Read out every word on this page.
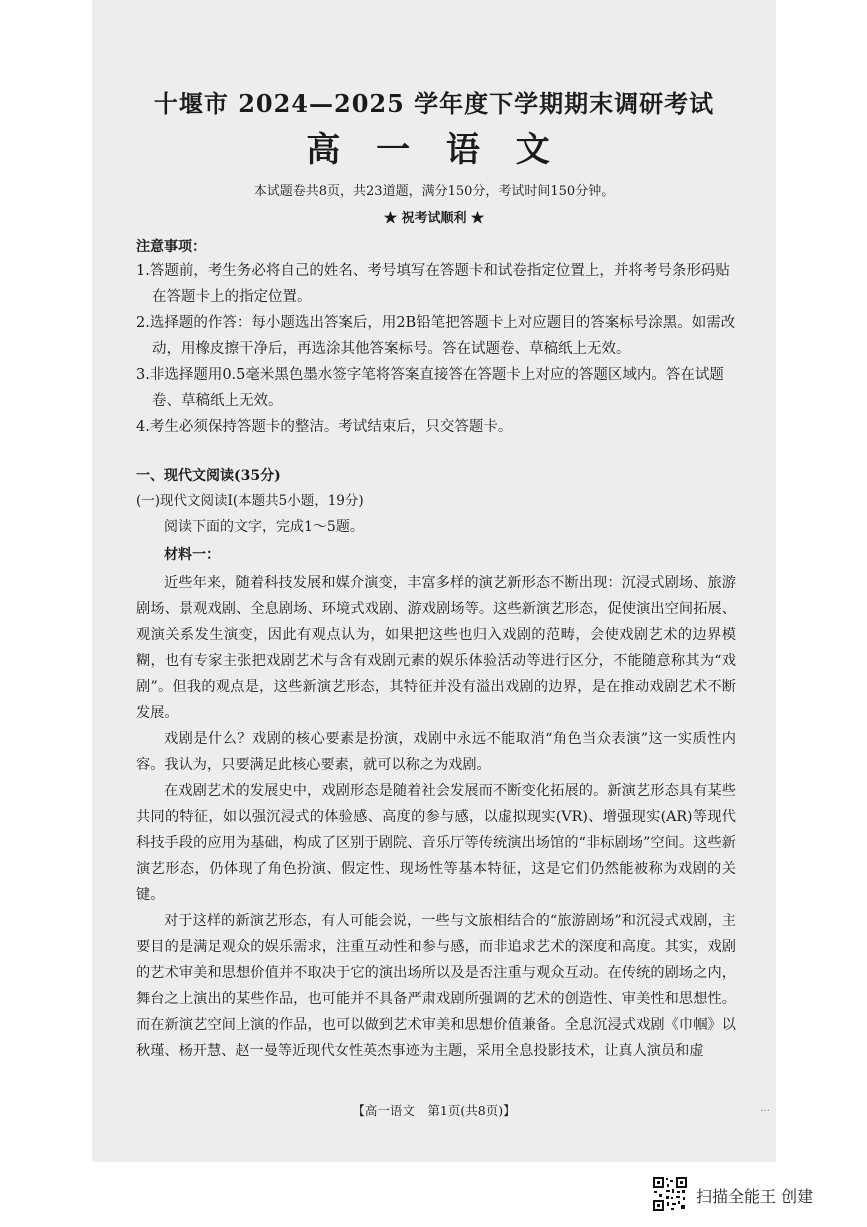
十堰市 2024—2025 学年度下学期期末调研考试
高 一 语 文
本试题卷共8页，共23道题，满分150分，考试时间150分钟。
★ 祝考试顺利 ★
注意事项：

1.答题前，考生务必将自己的姓名、考号填写在答题卡和试卷指定位置上，并将考号条形码贴在答题卡上的指定位置。

2.选择题的作答：每小题选出答案后，用2B铅笔把答题卡上对应题目的答案标号涂黑。如需改动，用橡皮擦干净后，再选涂其他答案标号。答在试题卷、草稿纸上无效。

3.非选择题用0.5毫米黑色墨水签字笔将答案直接答在答题卡上对应的答题区域内。答在试题卷、草稿纸上无效。

4.考生必须保持答题卡的整洁。考试结束后，只交答题卡。

一、现代文阅读(35分)
(一)现代文阅读Ⅰ(本题共5小题，19分)
阅读下面的文字，完成1～5题。
材料一：

近些年来，随着科技发展和媒介演变，丰富多样的演艺新形态不断出现：沉浸式剧场、旅游剧场、景观戏剧、全息剧场、环境式戏剧、游戏剧场等。这些新演艺形态，促使演出空间拓展、观演关系发生演变，因此有观点认为，如果把这些也归入戏剧的范畴，会使戏剧艺术的边界模糊，也有专家主张把戏剧艺术与含有戏剧元素的娱乐体验活动等进行区分，不能随意称其为“戏剧”。但我的观点是，这些新演艺形态，其特征并没有溢出戏剧的边界，是在推动戏剧艺术不断发展。

戏剧是什么？戏剧的核心要素是扮演，戏剧中永远不能取消“角色当众表演”这一实质性内容。我认为，只要满足此核心要素，就可以称之为戏剧。

在戏剧艺术的发展史中，戏剧形态是随着社会发展而不断变化拓展的。新演艺形态具有某些共同的特征，如以强沉浸式的体验感、高度的参与感，以虚拟现实(VR)、增强现实(AR)等现代科技手段的应用为基础，构成了区别于剧院、音乐厅等传统演出场馆的“非标剧场”空间。这些新演艺形态，仍体现了角色扮演、假定性、现场性等基本特征，这是它们仍然能被称为戏剧的关键。

对于这样的新演艺形态，有人可能会说，一些与文旅相结合的“旅游剧场”和沉浸式戏剧，主要目的是满足观众的娱乐需求，注重互动性和参与感，而非追求艺术的深度和高度。其实，戏剧的艺术审美和思想价值并不取决于它的演出场所以及是否注重与观众互动。在传统的剧场之内，舞台之上演出的某些作品，也可能并不具备严肃戏剧所强调的艺术的创造性、审美性和思想性。而在新演艺空间上演的作品，也可以做到艺术审美和思想价值兼备。全息沉浸式戏剧《巾帼》以秋瑾、杨开慧、赵一曼等近现代女性英杰事迹为主题，采用全息投影技术，让真人演员和虚

【高一语文　第1页(共8页)】	…
扫描全能王 创建
